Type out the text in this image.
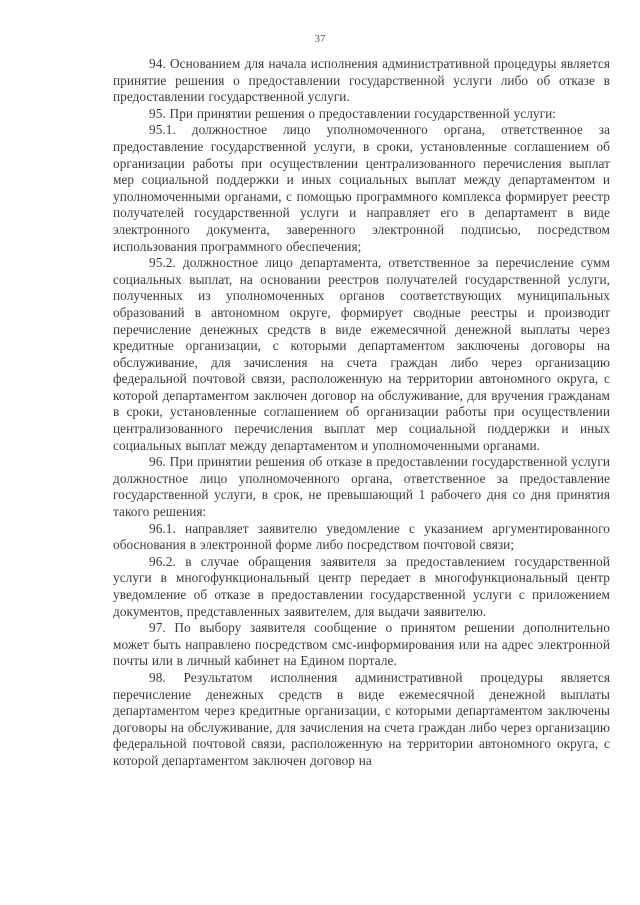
37

94. Основанием для начала исполнения административной процедуры является принятие решения о предоставлении государственной услуги либо об отказе в предоставлении государственной услуги.

95. При принятии решения о предоставлении государственной услуги:

95.1. должностное лицо уполномоченного органа, ответственное за предоставление государственной услуги, в сроки, установленные соглашением об организации работы при осуществлении централизованного перечисления выплат мер социальной поддержки и иных социальных выплат между департаментом и уполномоченными органами, с помощью программного комплекса формирует реестр получателей государственной услуги и направляет его в департамент в виде электронного документа, заверенного электронной подписью, посредством использования программного обеспечения;

95.2. должностное лицо департамента, ответственное за перечисление сумм социальных выплат, на основании реестров получателей государственной услуги, полученных из уполномоченных органов соответствующих муниципальных образований в автономном округе, формирует сводные реестры и производит перечисление денежных средств в виде ежемесячной денежной выплаты через кредитные организации, с которыми департаментом заключены договоры на обслуживание, для зачисления на счета граждан либо через организацию федеральной почтовой связи, расположенную на территории автономного округа, с которой департаментом заключен договор на обслуживание, для вручения гражданам в сроки, установленные соглашением об организации работы при осуществлении централизованного перечисления выплат мер социальной поддержки и иных социальных выплат между департаментом и уполномоченными органами.

96. При принятии решения об отказе в предоставлении государственной услуги должностное лицо уполномоченного органа, ответственное за предоставление государственной услуги, в срок, не превышающий 1 рабочего дня со дня принятия такого решения:

96.1. направляет заявителю уведомление с указанием аргументированного обоснования в электронной форме либо посредством почтовой связи;

96.2. в случае обращения заявителя за предоставлением государственной услуги в многофункциональный центр передает в многофункциональный центр уведомление об отказе в предоставлении государственной услуги с приложением документов, представленных заявителем, для выдачи заявителю.

97. По выбору заявителя сообщение о принятом решении дополнительно может быть направлено посредством смс-информирования или на адрес электронной почты или в личный кабинет на Едином портале.

98. Результатом исполнения административной процедуры является перечисление денежных средств в виде ежемесячной денежной выплаты департаментом через кредитные организации, с которыми департаментом заключены договоры на обслуживание, для зачисления на счета граждан либо через организацию федеральной почтовой связи, расположенную на территории автономного округа, с которой департаментом заключен договор на
